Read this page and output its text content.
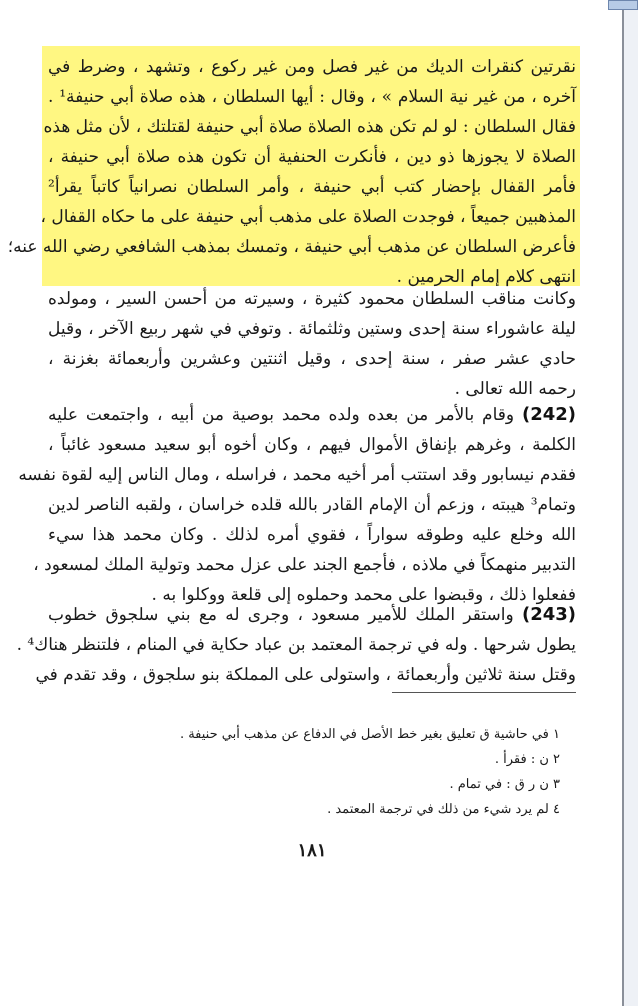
نقرتين كنقرات الديك من غير فصل ومن غير ركوع ، وتشهد ، وضرط في
آخره ، من غير نية السلام » ، وقال : أيها السلطان ، هذه صلاة أبي حنيفة¹ .
فقال السلطان : لو لم تكن هذه الصلاة صلاة أبي حنيفة لقتلتك ، لأن مثل هذه
الصلاة لا يجوزها ذو دين ، فأنكرت الحنفية أن تكون هذه صلاة أبي حنيفة ،
فأمر القفال بإحضار كتب أبي حنيفة ، وأمر السلطان نصرانياً كاتباً يقرأ²
المذهبين جميعاً ، فوجدت الصلاة على مذهب أبي حنيفة على ما حكاه القفال ،
فأعرض السلطان عن مذهب أبي حنيفة ، وتمسك بمذهب الشافعي رضي الله عنه؛
انتهى كلام إمام الحرمين .
وكانت مناقب السلطان محمود كثيرة ، وسيرته من أحسن السير ، ومولده
ليلة عاشوراء سنة إحدى وستين وثلثمائة . وتوفي في شهر ربيع الآخر ، وقيل
حادي عشر صفر ، سنة إحدى ، وقيل اثنتين وعشرين وأربعمائة بغزنة ،
رحمه الله تعالى .
(242) وقام بالأمر من بعده ولده محمد بوصية من أبيه ، واجتمعت عليه
الكلمة ، وغرهم بإنفاق الأموال فيهم ، وكان أخوه أبو سعيد مسعود غائباً ،
فقدم نيسابور وقد استتب أمر أخيه محمد ، فراسله ، ومال الناس إليه لقوة نفسه
وتمام³ هيبته ، وزعم أن الإمام القادر بالله قلده خراسان ، ولقبه الناصر لدين
الله وخلع عليه وطوقه سواراً ، فقوي أمره لذلك . وكان محمد هذا سيء
التدبير منهمكاً في ملاذه ، فأجمع الجند على عزل محمد وتولية الملك لمسعود ،
ففعلوا ذلك ، وقبضوا على محمد وحملوه إلى قلعة ووكلوا به .
(243) واستقر الملك للأمير مسعود ، وجرى له مع بني سلجوق خطوب
يطول شرحها . وله في ترجمة المعتمد بن عباد حكاية في المنام ، فلتنظر هناك⁴ .
وقتل سنة ثلاثين وأربعمائة ، واستولى على المملكة بنو سلجوق ، وقد تقدم في
١ في حاشية ق تعليق بغير خط الأصل في الدفاع عن مذهب أبي حنيفة .
٢ ن : فقرأ .
٣ ن ر ق : في تمام .
٤ لم يرد شيء من ذلك في ترجمة المعتمد .
١٨١
